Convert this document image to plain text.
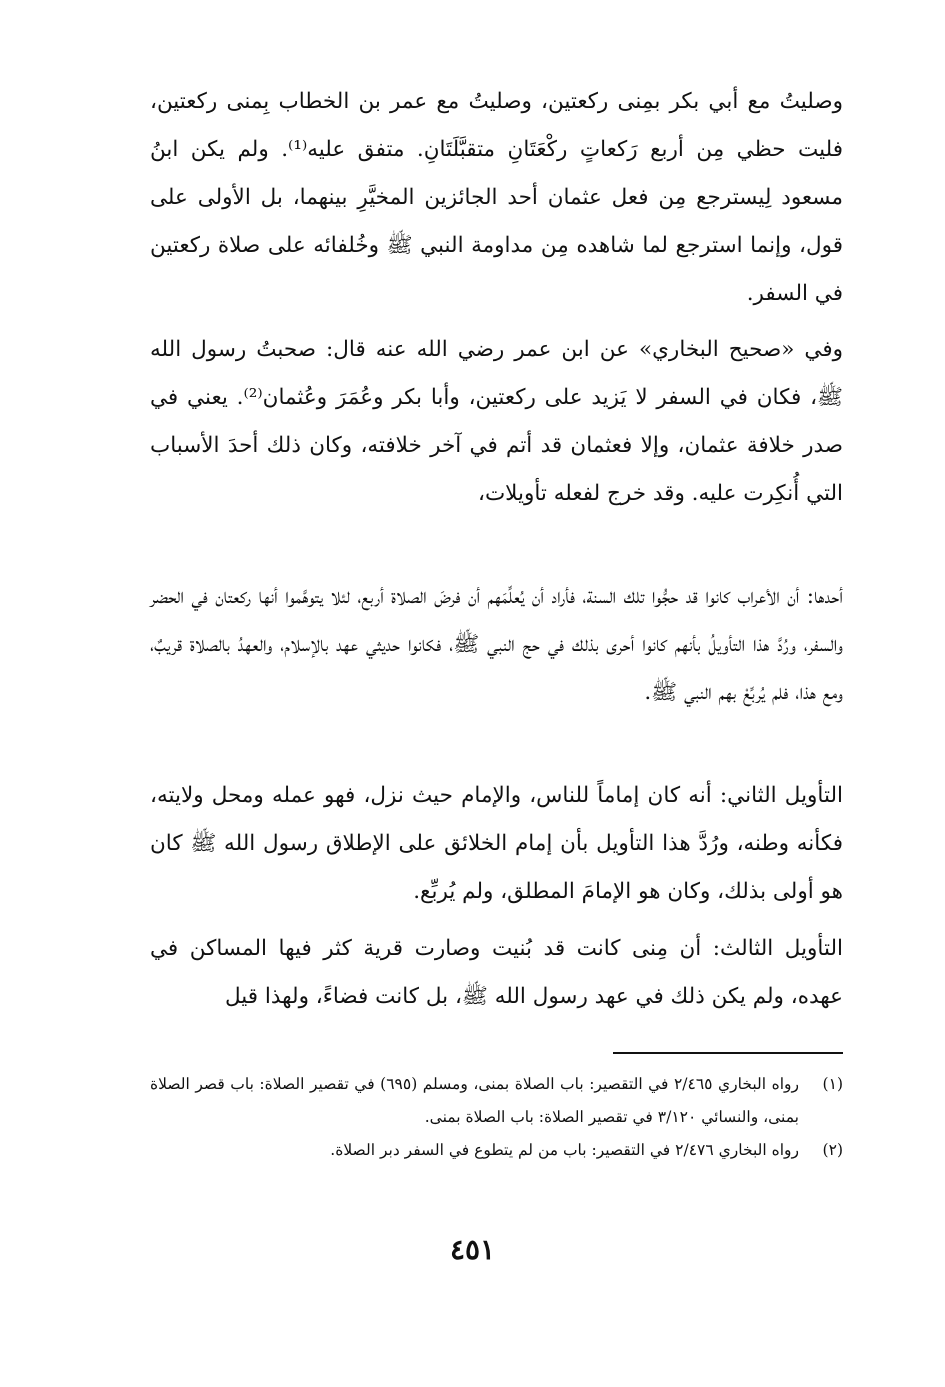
وصليتُ مع أبي بكر بمِنى ركعتين، وصليتُ مع عمر بن الخطاب بِمنى ركعتين، فليت حظي مِن أربع رَكعاتٍ ركْعَتَانِ متقبَّلَتَانِ. متفق عليه⁽¹⁾. ولم يكن ابنُ مسعود لِيسترجع مِن فعل عثمان أحد الجائزين المخيَّرِ بينهما، بل الأولى على قول، وإنما استرجع لما شاهده مِن مداومة النبي ﷺ وخُلفائه على صلاة ركعتين في السفر.

وفي «صحيح البخاري» عن ابن عمر رضي الله عنه قال: صحبتُ رسول الله ﷺ، فكان في السفر لا يَزيد على ركعتين، وأبا بكر وعُمَرَ وعُثمان⁽²⁾. يعني في صدر خلافة عثمان، وإلا فعثمان قد أتم في آخر خلافته، وكان ذلك أحدَ الأسباب التي أُنكِرت عليه. وقد خرج لفعله تأويلات،

أحدها: أن الأعراب كانوا قد حجُّوا تلك السنة، فأراد أن يُعلِّمَهم أن فرضَ الصلاة أربع، لئلا يتوهَّموا أنها ركعتان في الحضر والسفر، ورُدَّ هذا التأويلُ بأنهم كانوا أحرى بذلك في حج النبي ﷺ، فكانوا حديثي عهد بالإسلام، والعهدُ بالصلاة قريبٌ، ومع هذا، فلم يُربِّعْ بهم النبي ﷺ.

التأويل الثاني: أنه كان إماماً للناس، والإمام حيث نزل، فهو عمله ومحل ولايته، فكأنه وطنه، ورُدَّ هذا التأويل بأن إمام الخلائق على الإطلاق رسول الله ﷺ كان هو أولى بذلك، وكان هو الإمامَ المطلق، ولم يُربِّع.

التأويل الثالث: أن مِنى كانت قد بُنيت وصارت قرية كثر فيها المساكن في عهده، ولم يكن ذلك في عهد رسول الله ﷺ، بل كانت فضاءً، ولهذا قيل

(١)
رواه البخاري ٢/٤٦٥ في التقصير: باب الصلاة بمنى، ومسلم (٦٩٥) في تقصير الصلاة: باب قصر الصلاة بمنى، والنسائي ٣/١٢٠ في تقصير الصلاة: باب الصلاة بمنى.
(٢)
رواه البخاري ٢/٤٧٦ في التقصير: باب من لم يتطوع في السفر دبر الصلاة.
٤٥١
